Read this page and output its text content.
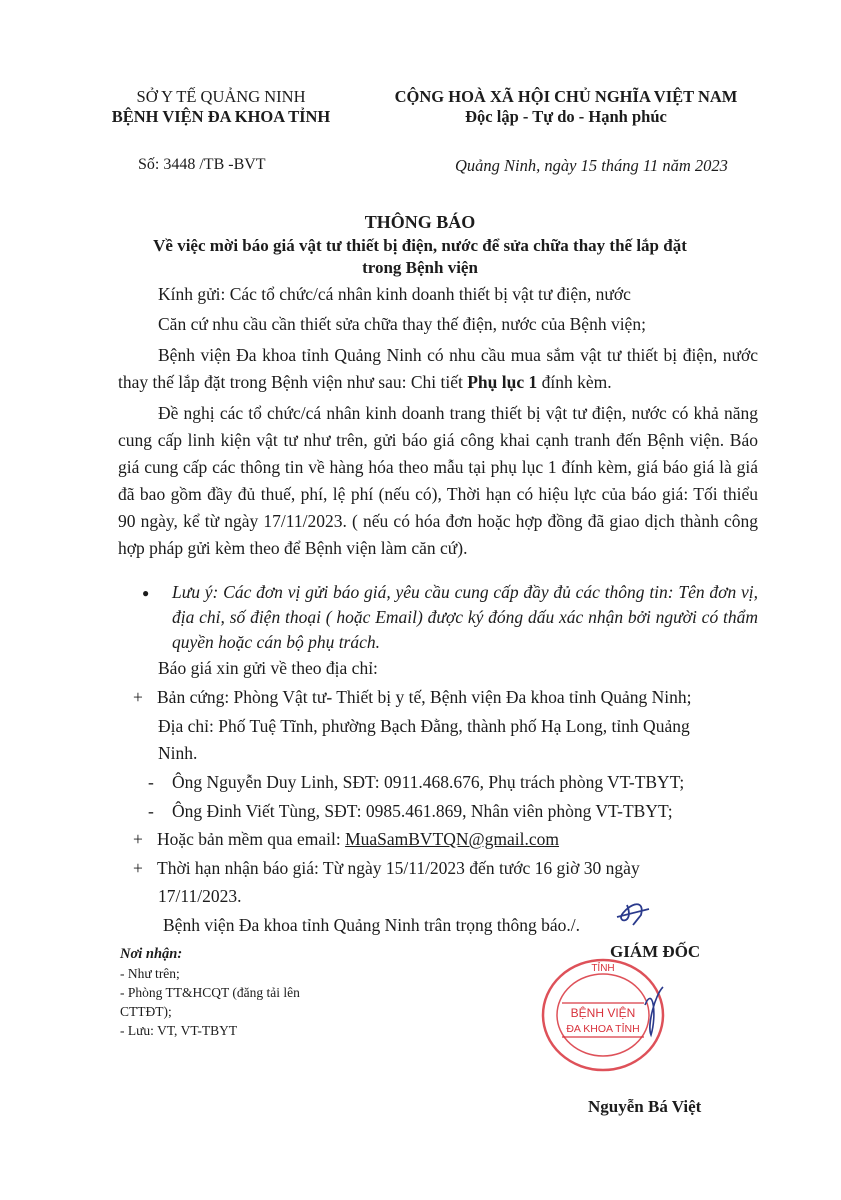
SỞ Y TẾ QUẢNG NINH
BỆNH VIỆN ĐA KHOA TỈNH
CỘNG HOÀ XÃ HỘI CHỦ NGHĨA VIỆT NAM
Độc lập - Tự do - Hạnh phúc
Số: 3448 /TB -BVT	Quảng Ninh, ngày 15 tháng 11 năm 2023
THÔNG BÁO
Về việc mời báo giá vật tư thiết bị điện, nước để sửa chữa thay thế lắp đặt
trong Bệnh viện
Kính gửi: Các tổ chức/cá nhân kinh doanh thiết bị vật tư điện, nước
Căn cứ nhu cầu cần thiết sửa chữa thay thế điện, nước của Bệnh viện;
Bệnh viện Đa khoa tỉnh Quảng Ninh có nhu cầu mua sắm vật tư thiết bị điện, nước thay thế lắp đặt trong Bệnh viện như sau: Chi tiết Phụ lục 1 đính kèm.
Đề nghị các tổ chức/cá nhân kinh doanh trang thiết bị vật tư điện, nước có khả năng cung cấp linh kiện vật tư như trên, gửi báo giá công khai cạnh tranh đến Bệnh viện. Báo giá cung cấp các thông tin về hàng hóa theo mẫu tại phụ lục 1 đính kèm, giá báo giá là giá đã bao gồm đầy đủ thuế, phí, lệ phí (nếu có), Thời hạn có hiệu lực của báo giá: Tối thiểu 90 ngày, kể từ ngày 17/11/2023. ( nếu có hóa đơn hoặc hợp đồng đã giao dịch thành công hợp pháp gửi kèm theo để Bệnh viện làm căn cứ).
●	Lưu ý: Các đơn vị gửi báo giá, yêu cầu cung cấp đầy đủ các thông tin: Tên đơn vị, địa chỉ, số điện thoại ( hoặc Email) được ký đóng dấu xác nhận bởi người có thẩm quyền hoặc cán bộ phụ trách.
Báo giá xin gửi về theo địa chỉ:
+ Bản cứng: Phòng Vật tư- Thiết bị y tế, Bệnh viện Đa khoa tỉnh Quảng Ninh;
Địa chỉ: Phố Tuệ Tĩnh, phường Bạch Đằng, thành phố Hạ Long, tỉnh Quảng
Ninh.
- Ông Nguyễn Duy Linh, SĐT: 0911.468.676, Phụ trách phòng VT-TBYT;
- Ông Đinh Viết Tùng, SĐT: 0985.461.869, Nhân viên phòng VT-TBYT;
+ Hoặc bản mềm qua email: MuaSamBVTQN@gmail.com
+ Thời hạn nhận báo giá: Từ ngày 15/11/2023 đến tước 16 giờ 30 ngày
17/11/2023.
Bệnh viện Đa khoa tỉnh Quảng Ninh trân trọng thông báo./.
Nơi nhận:
- Như trên;
- Phòng TT&HCQT (đăng tải lên CTTĐT);
- Lưu: VT, VT-TBYT
TỈNH
BỆNH VIỆN
ĐA KHOA TỈNH
GIÁM ĐỐC
Nguyễn Bá Việt
